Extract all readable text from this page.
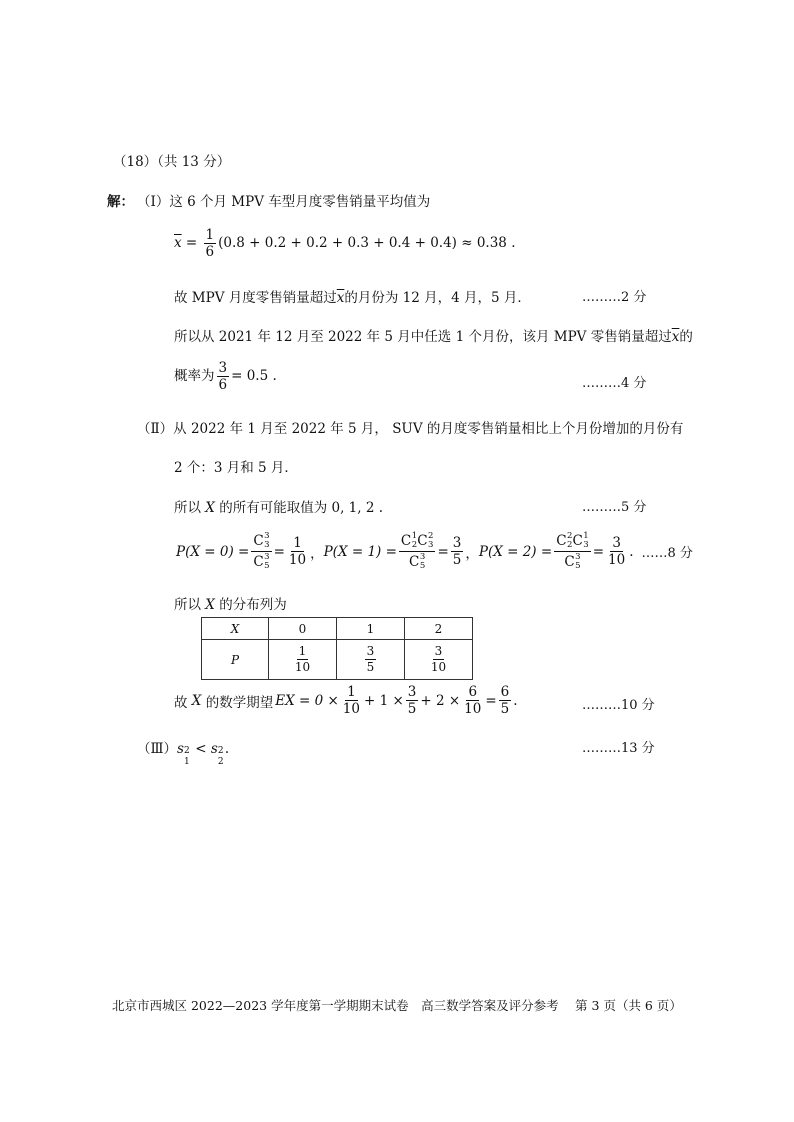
（18）（共 13 分）
解： （Ⅰ）这 6 个月 MPV 车型月度零售销量平均值为
$\overline{x} = \frac{1}{6} (0.8 + 0.2 + 0.2 + 0.3 + 0.4 + 0.4) \approx 0.38$ .
故 MPV 月度零售销量超过$\overline{x}$的月份为 12 月，4 月，5 月．	………2 分
所以从 2021 年 12 月至 2022 年 5 月中任选 1 个月份，该月 MPV 零售销量超过$\overline{x}$的
概率为 $\frac{3}{6} = 0.5$ .	………4 分
（Ⅱ）从 2022 年 1 月至 2022 年 5 月， SUV 的月度零售销量相比上个月份增加的月份有
2 个：3 月和 5 月．
所以 X 的所有可能取值为 0, 1, 2 .	………5 分
P(X = 0) = C 3
3
C 3
$5 = \frac{1}{10}$ ， P(X = 1) = C 1
2 C 2
3
C 3
$5 = \frac{3}{5}$ ， P(X = 2) = C 2
2 C 1
3
C 3
$5 = \frac{3}{10}$ . ……8 分
所以 X 的分布列为
X	0	1	2
P	$\frac{1}{10}$	$\frac{3}{5}$	$\frac{3}{10}$
故
X
的数学期望 EX = $0 \times \frac{1}{10} + 1 \times \frac{3}{5} + 2 \times \frac{6}{10} = \frac{6}{5}$ .	………10 分
（Ⅲ）s 2
1
< s 2
2
.	………13 分
北京市西城区 2022—2023 学年度第一学期期末试卷　高三数学答案及评分参考　 第 3 页（共 6 页）
